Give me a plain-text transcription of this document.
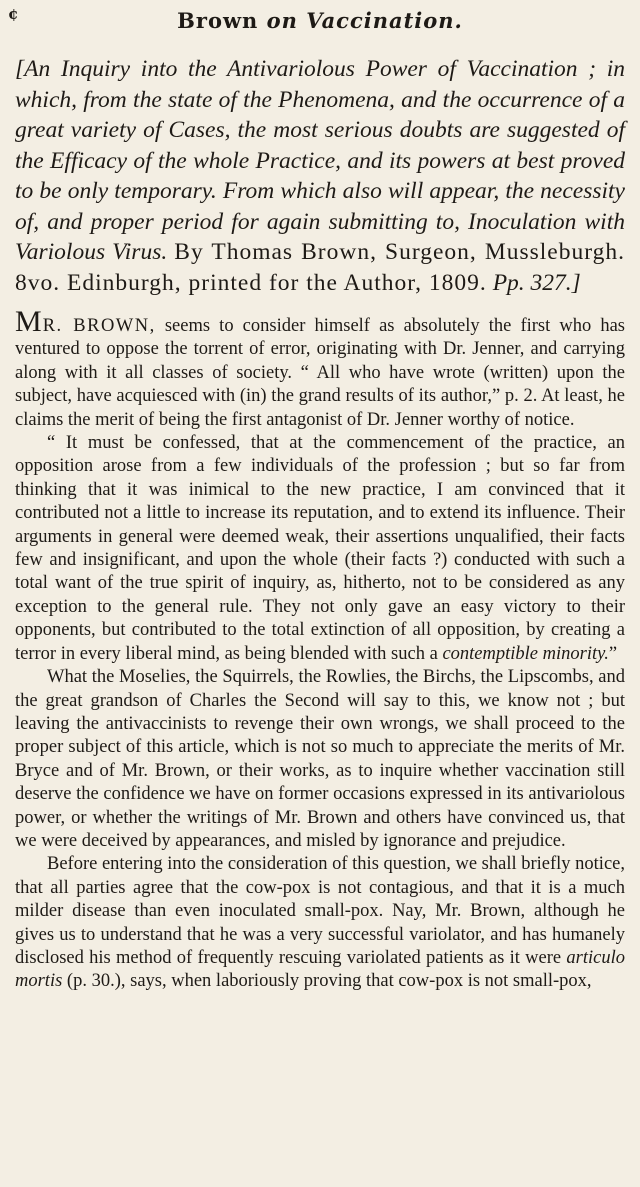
¢	Brown on Vaccination.

[An Inquiry into the Antivariolous Power of Vaccination ; in which, from the state of the Phenomena, and the occurrence of a great variety of Cases, the most serious doubts are suggested of the Efficacy of the whole Practice, and its powers at best proved to be only temporary. From which also will appear, the necessity of, and proper period for again submitting to, Inoculation with Variolous Virus. By Thomas Brown, Surgeon, Mussleburgh. 8vo. Edinburgh, printed for the Author, 1809. Pp. 327.]

MR. BROWN, seems to consider himself as absolutely the first who has ventured to oppose the torrent of error, originating with Dr. Jenner, and carrying along with it all classes of society. “ All who have wrote (written) upon the subject, have acquiesced with (in) the grand results of its author,” p. 2. At least, he claims the merit of being the first antagonist of Dr. Jenner worthy of notice.

“ It must be confessed, that at the commencement of the practice, an opposition arose from a few individuals of the profession ; but so far from thinking that it was inimical to the new practice, I am convinced that it contributed not a little to increase its reputation, and to extend its influence. Their arguments in general were deemed weak, their assertions unqualified, their facts few and insignificant, and upon the whole (their facts ?) conducted with such a total want of the true spirit of inquiry, as, hitherto, not to be considered as any exception to the general rule. They not only gave an easy victory to their opponents, but contributed to the total extinction of all opposition, by creating a terror in every liberal mind, as being blended with such a contemptible minority.”

What the Moselies, the Squirrels, the Rowlies, the Birchs, the Lipscombs, and the great grandson of Charles the Second will say to this, we know not ; but leaving the antivaccinists to revenge their own wrongs, we shall proceed to the proper subject of this article, which is not so much to appreciate the merits of Mr. Bryce and of Mr. Brown, or their works, as to inquire whether vaccination still deserve the confidence we have on former occasions expressed in its antivariolous power, or whether the writings of Mr. Brown and others have convinced us, that we were deceived by appearances, and misled by ignorance and prejudice.

Before entering into the consideration of this question, we shall briefly notice, that all parties agree that the cow-pox is not contagious, and that it is a much milder disease than even inoculated small-pox. Nay, Mr. Brown, although he gives us to understand that he was a very successful variolator, and has humanely disclosed his method of frequently rescuing variolated patients as it were articulo mortis (p. 30.), says, when laboriously proving that cow-pox is not small-pox,
